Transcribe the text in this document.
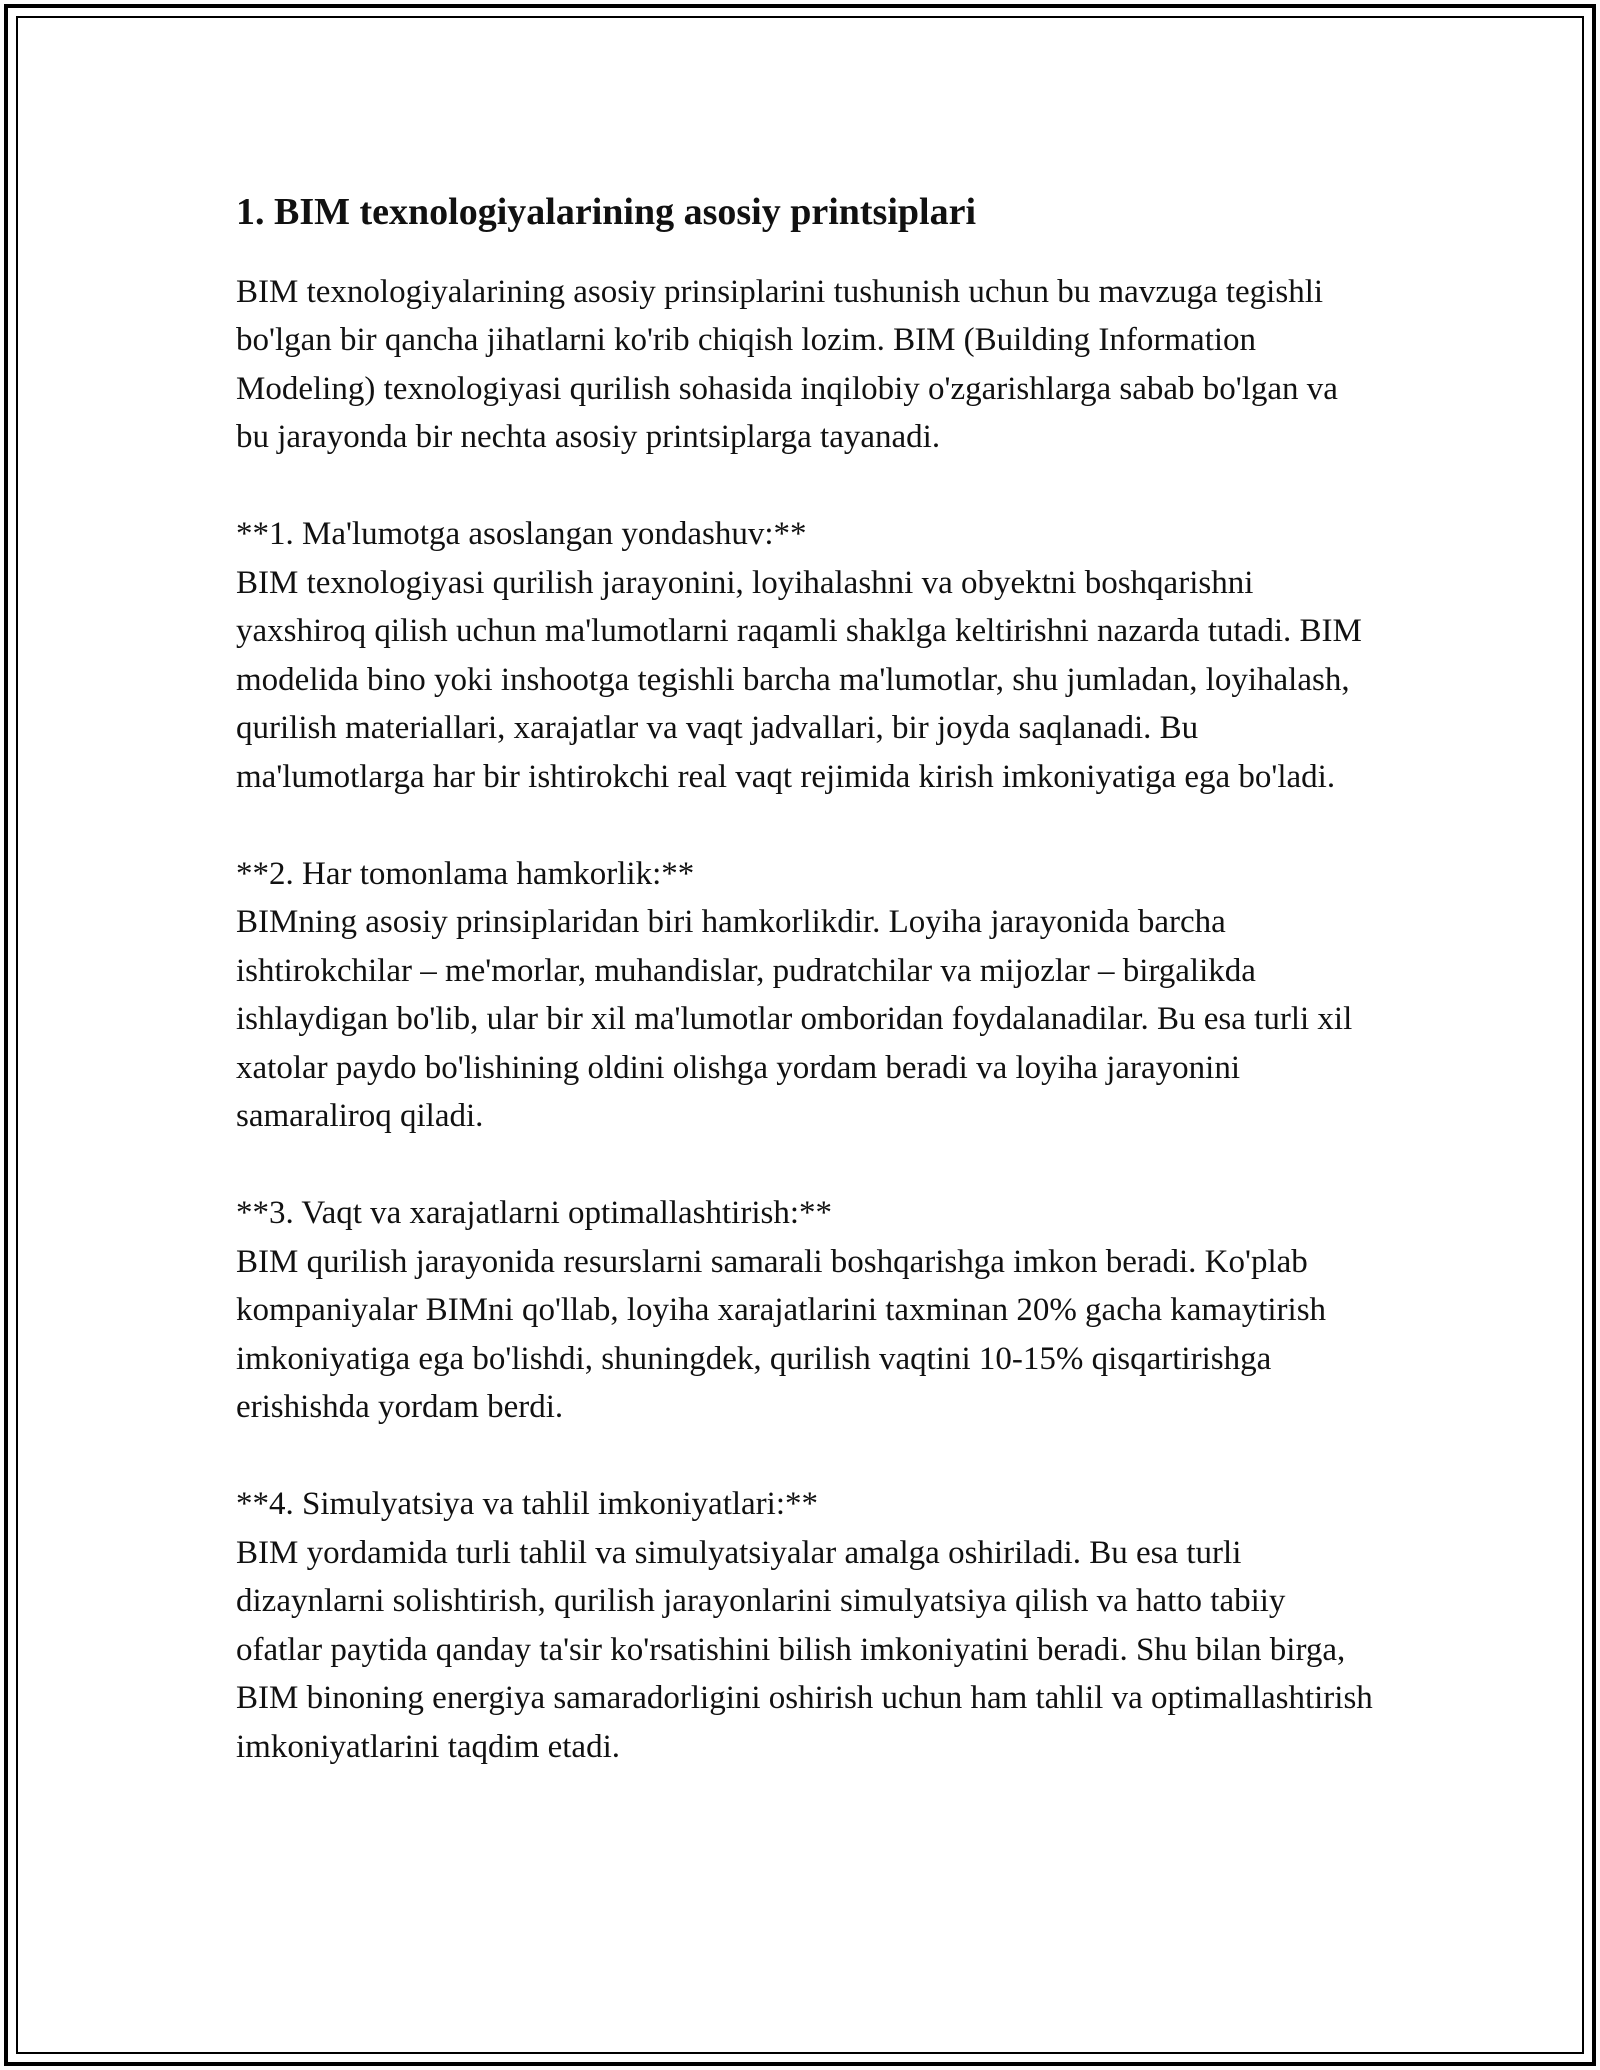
1. BIM texnologiyalarining asosiy printsiplari

BIM texnologiyalarining asosiy prinsiplarini tushunish uchun bu mavzuga tegishli bo'lgan bir qancha jihatlarni ko'rib chiqish lozim. BIM (Building Information Modeling) texnologiyasi qurilish sohasida inqilobiy o'zgarishlarga sabab bo'lgan va bu jarayonda bir nechta asosiy printsiplarga tayanadi.

**1. Ma'lumotga asoslangan yondashuv:**
BIM texnologiyasi qurilish jarayonini, loyihalashni va obyektni boshqarishni yaxshiroq qilish uchun ma'lumotlarni raqamli shaklga keltirishni nazarda tutadi. BIM modelida bino yoki inshootga tegishli barcha ma'lumotlar, shu jumladan, loyihalash, qurilish materiallari, xarajatlar va vaqt jadvallari, bir joyda saqlanadi. Bu ma'lumotlarga har bir ishtirokchi real vaqt rejimida kirish imkoniyatiga ega bo'ladi.

**2. Har tomonlama hamkorlik:**
BIMning asosiy prinsiplaridan biri hamkorlikdir. Loyiha jarayonida barcha ishtirokchilar – me'morlar, muhandislar, pudratchilar va mijozlar – birgalikda ishlaydigan bo'lib, ular bir xil ma'lumotlar omboridan foydalanadilar. Bu esa turli xil xatolar paydo bo'lishining oldini olishga yordam beradi va loyiha jarayonini samaraliroq qiladi.

**3. Vaqt va xarajatlarni optimallashtirish:**
BIM qurilish jarayonida resurslarni samarali boshqarishga imkon beradi. Ko'plab kompaniyalar BIMni qo'llab, loyiha xarajatlarini taxminan 20% gacha kamaytirish imkoniyatiga ega bo'lishdi, shuningdek, qurilish vaqtini 10-15% qisqartirishga erishishda yordam berdi.

**4. Simulyatsiya va tahlil imkoniyatlari:**
BIM yordamida turli tahlil va simulyatsiyalar amalga oshiriladi. Bu esa turli dizaynlarni solishtirish, qurilish jarayonlarini simulyatsiya qilish va hatto tabiiy ofatlar paytida qanday ta'sir ko'rsatishini bilish imkoniyatini beradi. Shu bilan birga, BIM binoning energiya samaradorligini oshirish uchun ham tahlil va optimallashtirish imkoniyatlarini taqdim etadi.
